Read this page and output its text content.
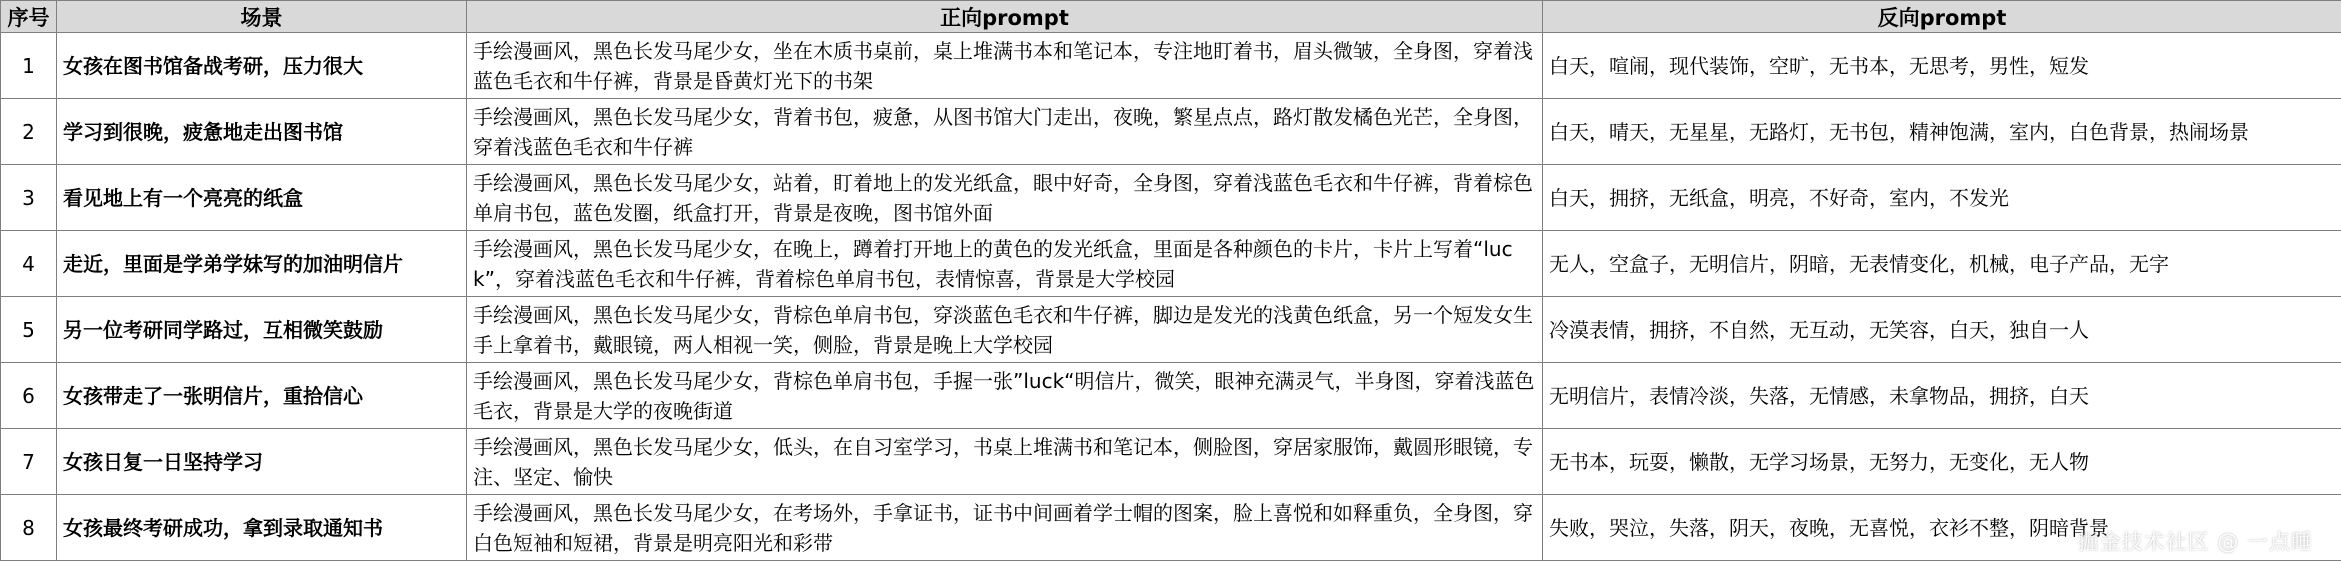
序号	场景	正向prompt	反向prompt
1	女孩在图书馆备战考研，压力很大	手绘漫画风，黑色长发马尾少女，坐在木质书桌前，桌上堆满书本和笔记本，专注地盯着书，眉头微皱，全身图，穿着浅蓝色毛衣和牛仔裤，背景是昏黄灯光下的书架	白天，喧闹，现代装饰，空旷，无书本，无思考，男性，短发
2	学习到很晚，疲惫地走出图书馆	手绘漫画风，黑色长发马尾少女，背着书包，疲惫，从图书馆大门走出，夜晚，繁星点点，路灯散发橘色光芒，全身图，穿着浅蓝色毛衣和牛仔裤	白天，晴天，无星星，无路灯，无书包，精神饱满，室内，白色背景，热闹场景
3	看见地上有一个亮亮的纸盒	手绘漫画风，黑色长发马尾少女，站着，盯着地上的发光纸盒，眼中好奇，全身图，穿着浅蓝色毛衣和牛仔裤，背着棕色单肩书包，蓝色发圈，纸盒打开，背景是夜晚，图书馆外面	白天，拥挤，无纸盒，明亮，不好奇，室内，不发光
4	走近，里面是学弟学妹写的加油明信片	手绘漫画风，黑色长发马尾少女，在晚上，蹲着打开地上的黄色的发光纸盒，里面是各种颜色的卡片，卡片上写着“luck”，穿着浅蓝色毛衣和牛仔裤，背着棕色单肩书包，表情惊喜，背景是大学校园	无人，空盒子，无明信片，阴暗，无表情变化，机械，电子产品，无字
5	另一位考研同学路过，互相微笑鼓励	手绘漫画风，黑色长发马尾少女，背棕色单肩书包，穿淡蓝色毛衣和牛仔裤，脚边是发光的浅黄色纸盒，另一个短发女生手上拿着书，戴眼镜，两人相视一笑，侧脸，背景是晚上大学校园	冷漠表情，拥挤，不自然，无互动，无笑容，白天，独自一人
6	女孩带走了一张明信片，重拾信心	手绘漫画风，黑色长发马尾少女，背棕色单肩书包，手握一张”luck“明信片，微笑，眼神充满灵气，半身图，穿着浅蓝色毛衣，背景是大学的夜晚街道	无明信片，表情冷淡，失落，无情感，未拿物品，拥挤，白天
7	女孩日复一日坚持学习	手绘漫画风，黑色长发马尾少女，低头，在自习室学习，书桌上堆满书和笔记本，侧脸图，穿居家服饰，戴圆形眼镜，专注、坚定、愉快	无书本，玩耍，懒散，无学习场景，无努力，无变化，无人物
8	女孩最终考研成功，拿到录取通知书	手绘漫画风，黑色长发马尾少女，在考场外，手拿证书，证书中间画着学士帽的图案，脸上喜悦和如释重负，全身图，穿白色短袖和短裙，背景是明亮阳光和彩带	失败，哭泣，失落，阴天，夜晚，无喜悦，衣衫不整，阴暗背景
掘金技术社区 @ 一点睡
